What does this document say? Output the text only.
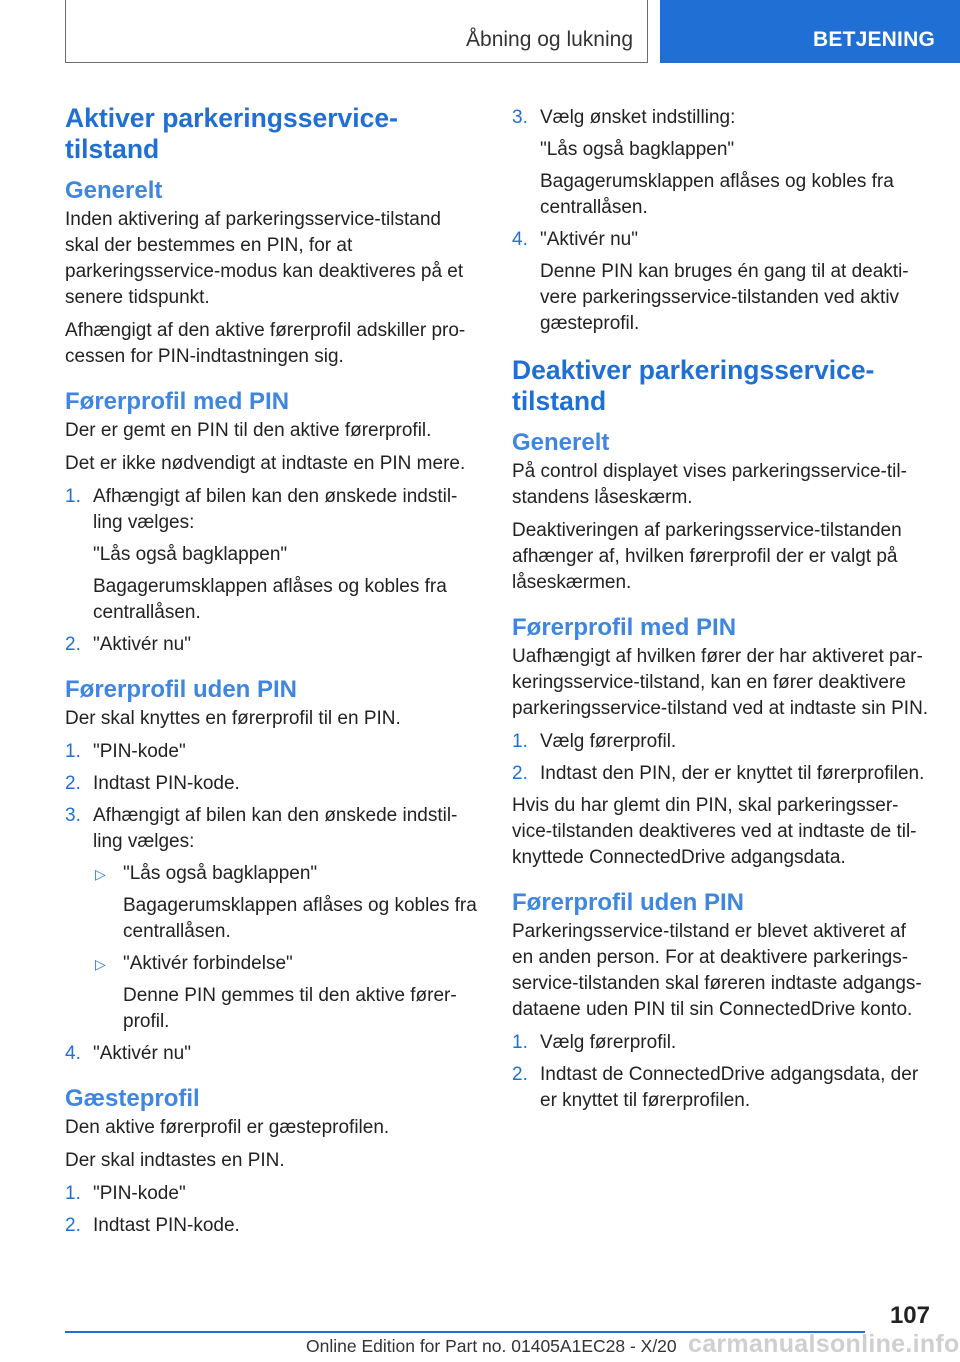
Åbning og lukning	BETJENING
Aktiver parkeringsservice-tilstand
Generelt

Inden aktivering af parkeringsservice-tilstand skal der bestemmes en PIN, for at parkeringsservice-modus kan deaktiveres på et senere tidspunkt.

Afhængigt af den aktive førerprofil adskiller pro-cessen for PIN-indtastningen sig.

Førerprofil med PIN

Der er gemt en PIN til den aktive førerprofil.

Det er ikke nødvendigt at indtaste en PIN mere.

1. Afhængigt af bilen kan den ønskede indstil-ling vælges:

"Lås også bagklappen"

Bagagerumsklappen aflåses og kobles fra centrallåsen.

2. "Aktivér nu"

Førerprofil uden PIN

Der skal knyttes en førerprofil til en PIN.

1. "PIN-kode"

2. Indtast PIN-kode.

3. Afhængigt af bilen kan den ønskede indstil-ling vælges:

▷ "Lås også bagklappen"

Bagagerumsklappen aflåses og kobles fra centrallåsen.

▷ "Aktivér forbindelse"

Denne PIN gemmes til den aktive fører-profil.

4. "Aktivér nu"

Gæsteprofil

Den aktive førerprofil er gæsteprofilen.

Der skal indtastes en PIN.

1. "PIN-kode"

2. Indtast PIN-kode.

3. Vælg ønsket indstilling:

"Lås også bagklappen"

Bagagerumsklappen aflåses og kobles fra centrallåsen.

4. "Aktivér nu"

Denne PIN kan bruges én gang til at deakti-vere parkeringsservice-tilstanden ved aktiv gæsteprofil.

Deaktiver parkeringsservice-tilstand
Generelt

På control displayet vises parkeringsservice-til-standens låseskærm.

Deaktiveringen af parkeringsservice-tilstanden afhænger af, hvilken førerprofil der er valgt på låseskærmen.

Førerprofil med PIN

Uafhængigt af hvilken fører der har aktiveret par-keringsservice-tilstand, kan en fører deaktivere parkeringsservice-tilstand ved at indtaste sin PIN.

1. Vælg førerprofil.

2. Indtast den PIN, der er knyttet til førerprofilen.

Hvis du har glemt din PIN, skal parkeringsser-vice-tilstanden deaktiveres ved at indtaste de til-knyttede ConnectedDrive adgangsdata.

Førerprofil uden PIN

Parkeringsservice-tilstand er blevet aktiveret af en anden person. For at deaktivere parkerings-service-tilstanden skal føreren indtaste adgangs-dataene uden PIN til sin ConnectedDrive konto.

1. Vælg førerprofil.

2. Indtast de ConnectedDrive adgangsdata, der er knyttet til førerprofilen.

107
Online Edition for Part no. 01405A1EC28 - X/20 carmanualsonline.info
